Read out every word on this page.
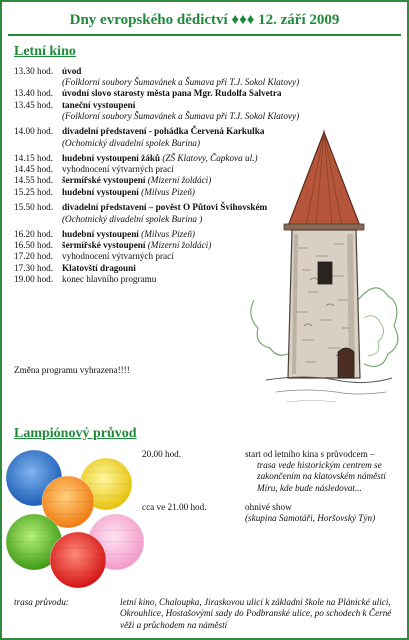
Dny evropského dědictví ♦♦♦ 12. září 2009
Letní kino
13.30 hod. úvod
(Folklorní soubory Šumavánek a Šumava při T.J. Sokol Klatovy)
13.40 hod. úvodní slovo starosty města pana Mgr. Rudolfa Salvetra
13.45 hod. taneční vystoupení
(Folklorní soubory Šumavánek a Šumava při T.J. Sokol Klatovy)
14.00 hod. divadelní představení - pohádka Červená Karkulka
(Ochotnický divadelní spolek Burina)
14.15 hod. hudební vystoupení žáků (ZŠ Klatovy, Čapkova ul.)
14.45 hod. vyhodnocení výtvarných prací
14.55 hod. šermířské vystoupení (Mizerní žoldáci)
15.25 hod. hudební vystoupení (Milvus Pizeň)
15.50 hod. divadelní představení – pověst O Půtovi Švihovském
(Ochotnický divadelní spolek Burina )
16.20 hod. hudební vystoupení (Milvus Pizeň)
16.50 hod. šermířské vystoupení (Mizerní žoldáci)
17.20 hod. vyhodnocení výtvarných prací
17.30 hod. Klatovští dragouni
19.00 hod. konec hlavního programu
Změna programu vyhrazena!!!!
Lampiónový průvod
20.00 hod.	start od letního kina s průvodcem –
trasa vede historickým centrem se zakončením na klatovském náměstí Míru, kde bude následovat...
cca ve 21.00 hod.	ohnivé show
(skupina Samotáři, Horšovský Týn)
trasa průvodu:	letní kino, Chaloupka, Jiraskovou ulicí k základní škole na Plánické ulici, Okrouhlice, Hostašovými sady do Podbranské ulice, po schodech k Černé věži a průchodem na náměstí
